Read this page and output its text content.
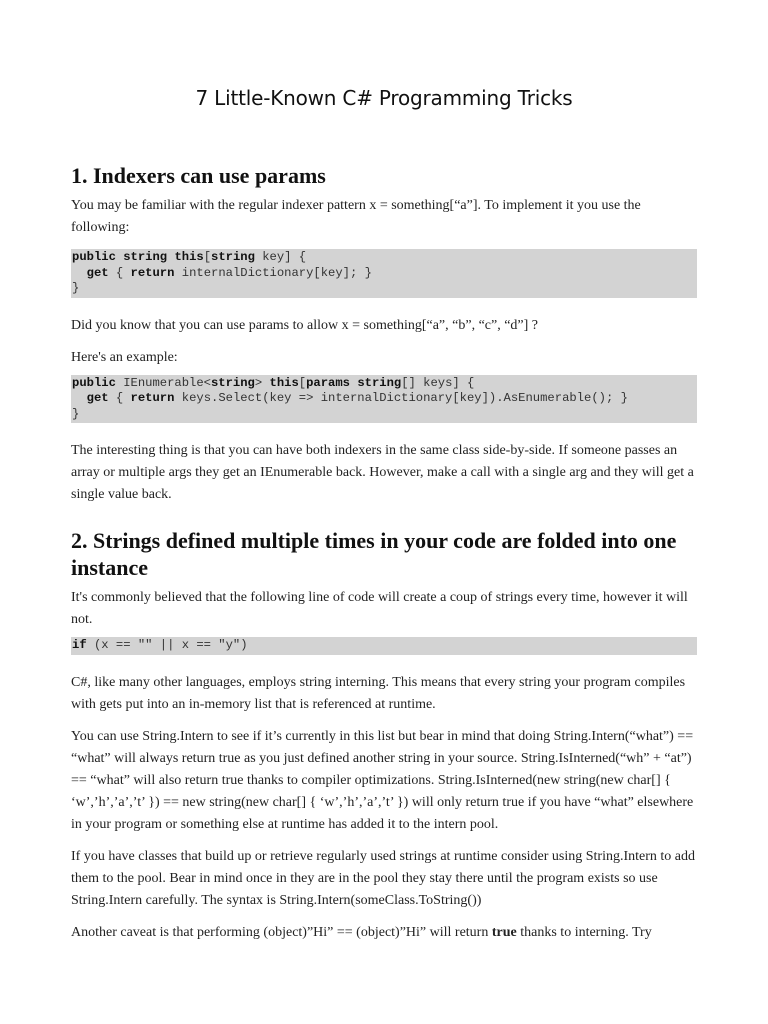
7 Little-Known C# Programming Tricks
1. Indexers can use params

You may be familiar with the regular indexer pattern x = something[“a”]. To implement it you use the following:

public string this[string key] {
get { return internalDictionary[key]; }
}

Did you know that you can use params to allow x = something[“a”, “b”, “c”, “d”] ?

Here's an example:

public IEnumerable<string> this[params string[] keys] {
get { return keys.Select(key => internalDictionary[key]).AsEnumerable(); }
}

The interesting thing is that you can have both indexers in the same class side-by-side. If someone passes an array or multiple args they get an IEnumerable back. However, make a call with a single arg and they will get a single value back.

2. Strings defined multiple times in your code are folded into one instance

It's commonly believed that the following line of code will create a coup of strings every time, however it will not.

if (x == "" || x == "y")

C#, like many other languages, employs string interning. This means that every string your program compiles with gets put into an in-memory list that is referenced at runtime.

You can use String.Intern to see if it’s currently in this list but bear in mind that doing String.Intern(“what”) == “what” will always return true as you just defined another string in your source. String.IsInterned(“wh” + “at”) == “what” will also return true thanks to compiler optimizations. String.IsInterned(new string(new char[] { ‘w’,’h’,’a’,’t’ }) == new string(new char[] { ‘w’,’h’,’a’,’t’ }) will only return true if you have “what” elsewhere in your program or something else at runtime has added it to the intern pool.

If you have classes that build up or retrieve regularly used strings at runtime consider using String.Intern to add them to the pool. Bear in mind once in they are in the pool they stay there until the program exists so use String.Intern carefully. The syntax is String.Intern(someClass.ToString())

Another caveat is that performing (object)”Hi” == (object)”Hi” will return true thanks to interning. Try
